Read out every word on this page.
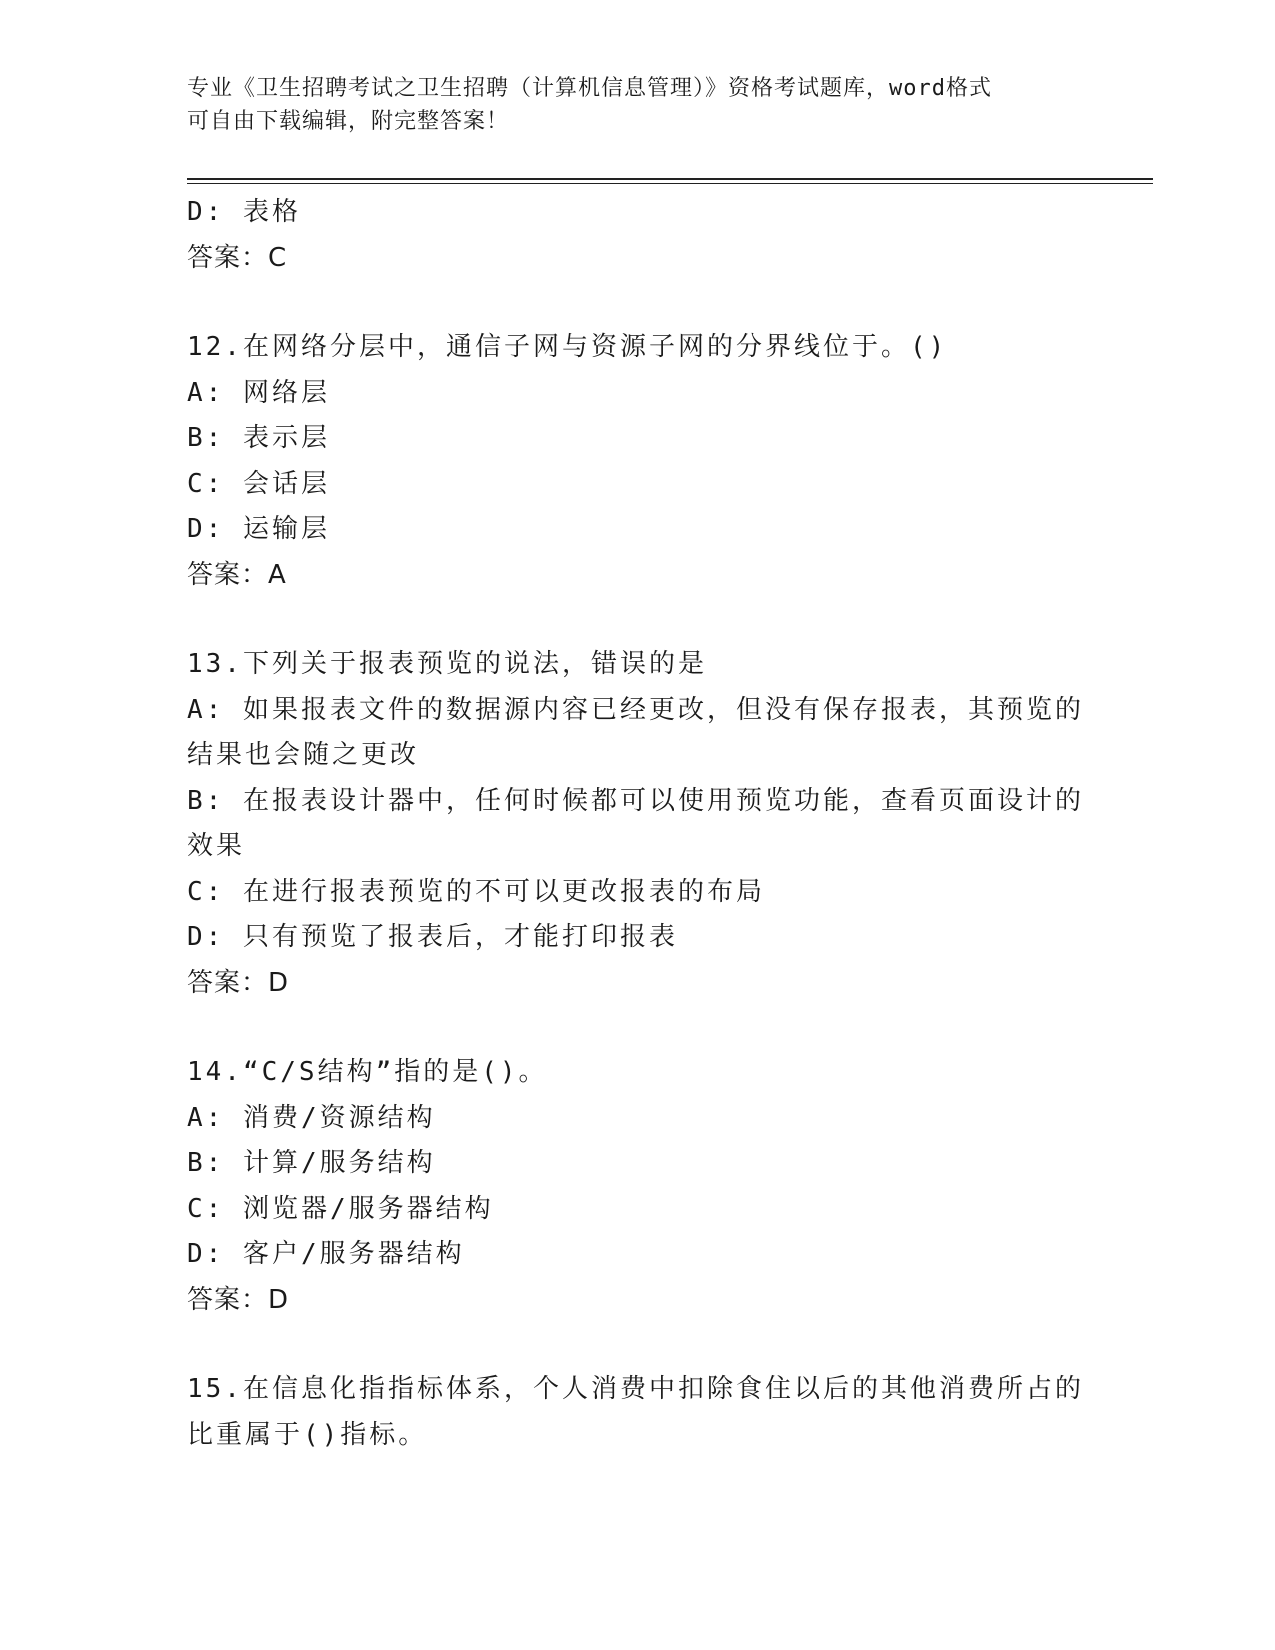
专业《卫生招聘考试之卫生招聘（计算机信息管理）》资格考试题库，word格式
可自由下载编辑，附完整答案！
D: 表格
答案：C
12.在网络分层中，通信子网与资源子网的分界线位于。()
A: 网络层
B: 表示层
C: 会话层
D: 运输层
答案：A
13.下列关于报表预览的说法，错误的是
A: 如果报表文件的数据源内容已经更改，但没有保存报表，其预览的
结果也会随之更改
B: 在报表设计器中，任何时候都可以使用预览功能，查看页面设计的
效果
C: 在进行报表预览的不可以更改报表的布局
D: 只有预览了报表后，才能打印报表
答案：D
14.“C/S结构”指的是()。
A: 消费/资源结构
B: 计算/服务结构
C: 浏览器/服务器结构
D: 客户/服务器结构
答案：D
15.在信息化指指标体系，个人消费中扣除食住以后的其他消费所占的
比重属于()指标。
